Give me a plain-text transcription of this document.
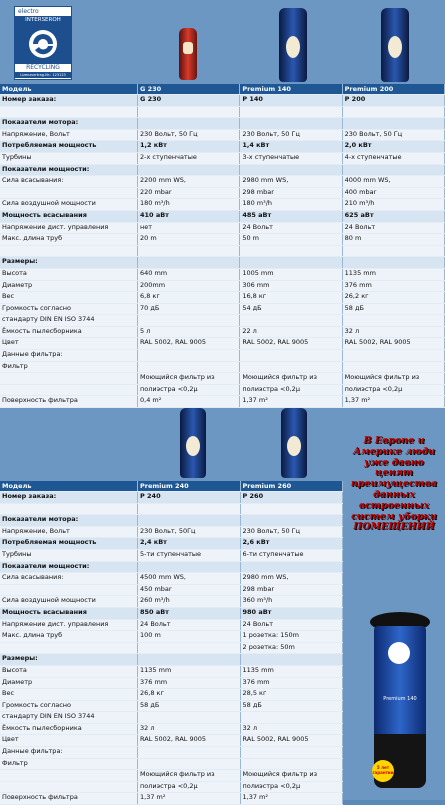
electro
INTERSEROH
RECYCLING
Lizenzvertrag-Nr.: 123123
Модель	G 230	Premium 140	Premium 200
Номер заказа:	G 230	P 140	P 200

Показатели мотора:			
Напряжение, Вольт	230 Вольт, 50 Гц	230 Вольт, 50 Гц	230 Вольт, 50 Гц
Потребляемая мощность	1,2 кВт	1,4 кВт	2,0 кВт
Турбины	2-х ступенчатые	3-х ступенчатые	4-х ступенчатые
Показатели мощности:			
Сила всасывания:	2200 mm WS,	2980 mm WS,	4000 mm WS,
	220 mbar	298 mbar	400 mbar
Сила воздушной мощности	180 m³/h	180 m³/h	210 m³/h
Мощность всасывания	410 аВт	485 аВт	625 аВт
Напряжение дист. управления	нет	24 Вольт	24 Вольт
Макс. длина труб	20 m	50 m	80 m

Размеры:			
Высота	640 mm	1005 mm	1135 mm
Диаметр	200mm	306 mm	376 mm
Вес	6,8 кг	16,8 кг	26,2 кг
Громкость согласно	70 дБ	54 дБ	58 дБ
стандарту DIN EN ISO 3744			
Ёмкость пылесборника	5 л	22 л	32 л
Цвет	RAL 5002, RAL 9005	RAL 5002, RAL 9005	RAL 5002, RAL 9005
Данные фильтра:			
Фильтр			
	Моющийся фильтр из	Моющийся фильтр из	Моющийся фильтр из
	полиэстра <0,2µ	полиэстра <0,2µ	полиэстра <0,2µ
Поверхность фильтра	0,4 m²	1,37 m²	1,37 m²
Модель	Premium 240	Premium 260
Номер заказа:	P 240	P 260

Показатели мотора:		
Напряжение, Вольт	230 Вольт, 50Гц	230 Вольт, 50 Гц
Потребляемая мощность	2,4 кВт	2,6 кВт
Турбины	5-ти ступенчатые	6-ти ступенчатые
Показатели мощности:		
Сила всасывания:	4500 mm WS,	2980 mm WS,
	450 mbar	298 mbar
Сила воздушной мощности	260 m³/h	360 m³/h
Мощность всасывания	850 аВт	980 аВт
Напряжение дист. управления	24 Вольт	24 Вольт
Макс. длина труб	100 m	1 розетка: 150m
		2 розетка: 50m
Размеры:		
Высота	1135 mm	1135 mm
Диаметр	376 mm	376 mm
Вес	26,8 кг	28,5 кг
Громкость согласно	58 дБ	58 дБ
стандарту DIN EN ISO 3744		
Ёмкость пылесборника	32 л	32 л
Цвет	RAL 5002, RAL 9005	RAL 5002, RAL 9005
Данные фильтра:		
Фильтр		
	Моющийся фильтр из	Моющийся фильтр из
	полиэстра <0,2µ	полиэстра <0,2µ
Поверхность фильтра	1,37 m²	1,37 m²
В Европе и Америке люди уже давно ценят преимущества данных встроенных систем уборки ПОМЕЩЕНИЙ
Premium 140
5 лет гарантии
